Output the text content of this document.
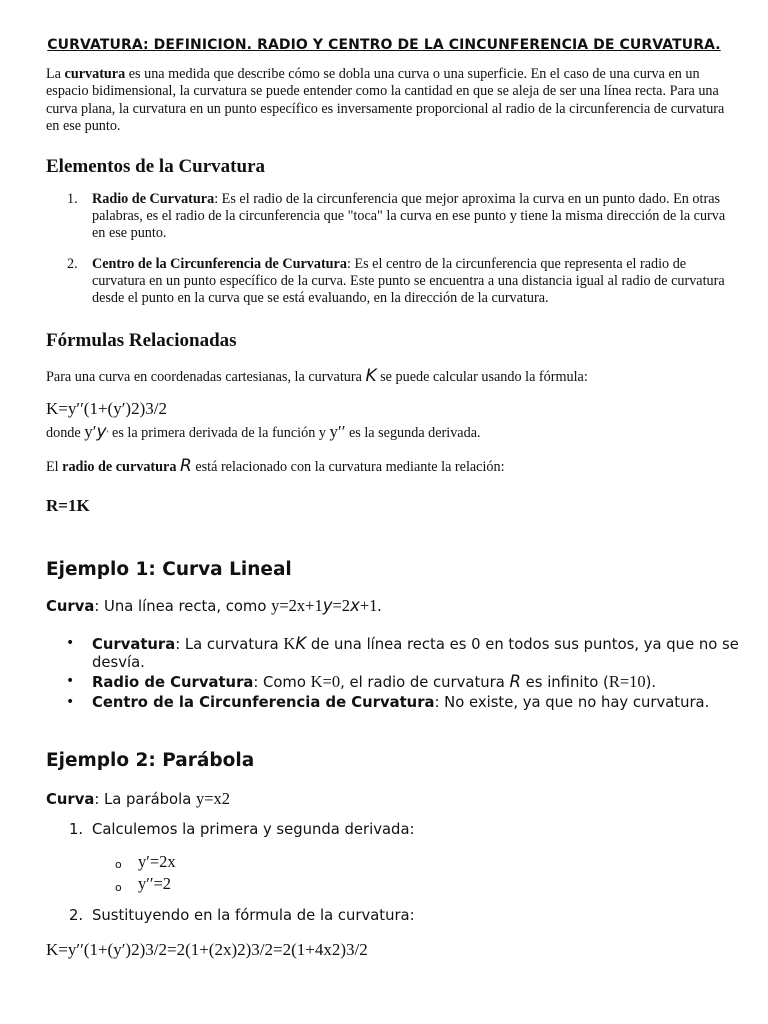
CURVATURA: DEFINICION. RADIO Y CENTRO DE LA CINCUNFERENCIA DE CURVATURA.
La curvatura es una medida que describe cómo se dobla una curva o una superficie. En el caso de una curva en un espacio bidimensional, la curvatura se puede entender como la cantidad en que se aleja de ser una línea recta. Para una curva plana, la curvatura en un punto específico es inversamente proporcional al radio de la circunferencia de curvatura en ese punto.
Elementos de la Curvatura
1. Radio de Curvatura: Es el radio de la circunferencia que mejor aproxima la curva en un punto dado. En otras palabras, es el radio de la circunferencia que "toca" la curva en ese punto y tiene la misma dirección de la curva en ese punto.
2. Centro de la Circunferencia de Curvatura: Es el centro de la circunferencia que representa el radio de curvatura en un punto específico de la curva. Este punto se encuentra a una distancia igual al radio de curvatura desde el punto en la curva que se está evaluando, en la dirección de la curvatura.
Fórmulas Relacionadas
Para una curva en coordenadas cartesianas, la curvatura K se puede calcular usando la fórmula:
K=y′′(1+(y′)2)3/2
donde y′y′ es la primera derivada de la función y y′′ es la segunda derivada.
El radio de curvatura R está relacionado con la curvatura mediante la relación:
R=1K
Ejemplo 1: Curva Lineal
Curva: Una línea recta, como y=2x+1y=2x+1.
• Curvatura: La curvatura KK de una línea recta es 0 en todos sus puntos, ya que no se desvía.
• Radio de Curvatura: Como K=0, el radio de curvatura R es infinito (R=10).
• Centro de la Circunferencia de Curvatura: No existe, ya que no hay curvatura.
Ejemplo 2: Parábola
Curva: La parábola y=x2
1. Calculemos la primera y segunda derivada:
o y′=2x
o y′′=2
2. Sustituyendo en la fórmula de la curvatura:
K=y′′(1+(y′)2)3/2=2(1+(2x)2)3/2=2(1+4x2)3/2
